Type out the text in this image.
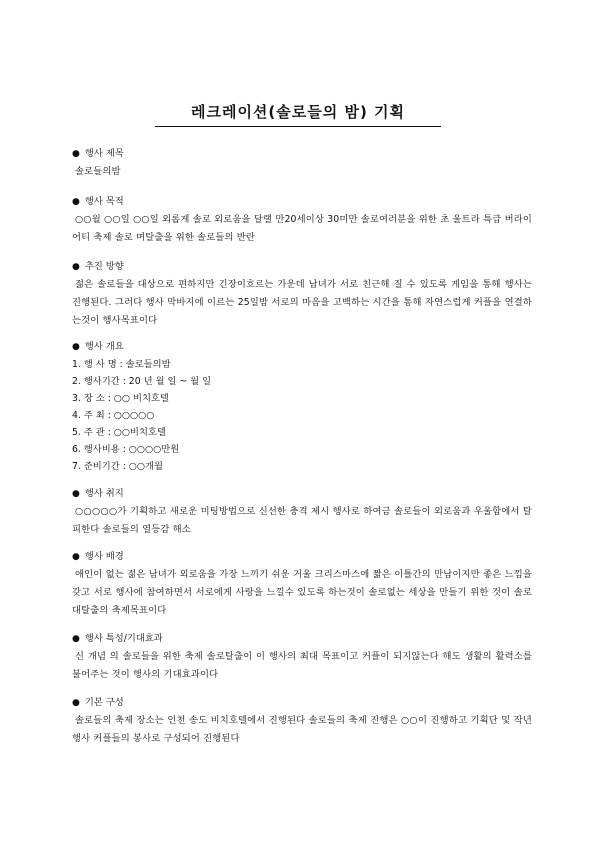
레크레이션(솔로들의 밤) 기획
● 행사 제목
솔로들의밤
● 행사 목적
○○월 ○○일 ○○일 외롭게 솔로 외로움을 달랠 만20세이상 30미만 솔로여러분을 위한 초 울트라 특급 버라이어티 축제 솔로 며탈출을 위한 솔로들의 반란
● 추진 방향
젊은 솔로들을 대상으로 편하지만 긴장이흐르는 가운데 남녀가 서로 친근해 질 수 있도록 게임을 통해 행사는 진행된다. 그러다 행사 막바지에 이르는 25일밤 서로의 마음을 고백하는 시간을 통해 자연스럽게 커플을 연결하는것이 행사목표이다
● 행사 개요
1. 행 사 명 : 솔로들의밤
2. 행사기간 : 20 년 월 일 ~ 월 일
3. 장 소 : ○○ 비치호텔
4. 주 최 : ○○○○○
5. 주 관 : ○○비치호텔
6. 행사비용 : ○○○○만원
7. 준비기간 : ○○개월
● 행사 취지
○○○○○가 기획하고 새로운 미팅방법으로 신선한 충격 제시 행사로 하여금 솔로들이 외로움과 우울함에서 탈피한다 솔로들의 열등감 해소
● 행사 배경
애인이 없는 젊은 남녀가 외로움을 가장 느끼기 쉬운 거울 크리스마스에 짧은 이틀간의 만남이지만 좋은 느낌을 갖고 서로 행사에 참여하면서 서로에게 사랑을 느낄수 있도록 하는것이 솔로없는 세상을 만들기 위한 것이 솔로대탈출의 축제목표이다
● 행사 특성/기대효과
신 개념 의 솔로들을 위한 축제 솔로탈출이 이 행사의 최대 목표이고 커플이 되지않는다 해도 생활의 활력소를 불어주는 것이 행사의 기대효과이다
● 기본 구성
솔로들의 축제 장소는 인천 송도 비치호텔에서 진행된다 솔로들의 축제 진행은 ○○이 진행하고 기획단 및 작년행사 커플들의 봉사로 구성되어 진행된다
